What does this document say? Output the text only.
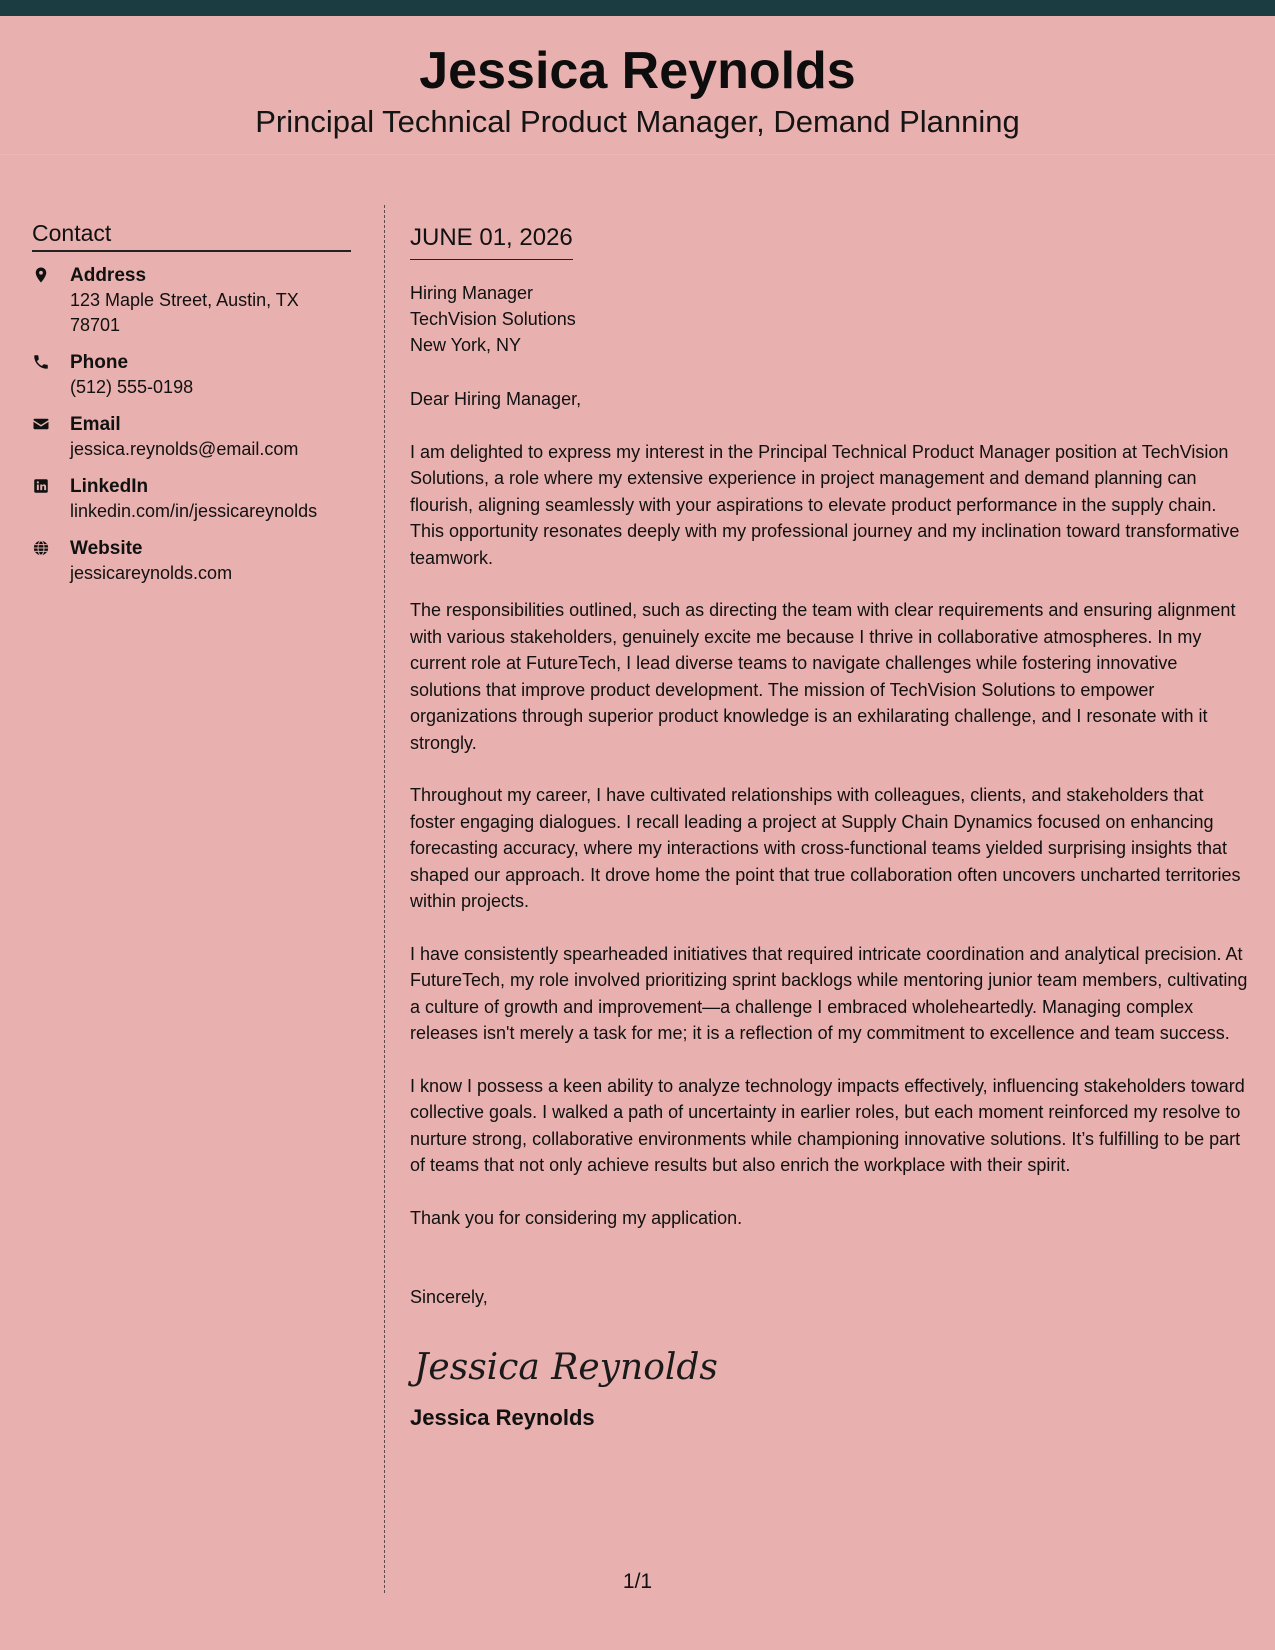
Jessica Reynolds
Principal Technical Product Manager, Demand Planning
Contact
Address
123 Maple Street, Austin, TX 78701
Phone
(512) 555-0198
Email
jessica.reynolds@email.com
LinkedIn
linkedin.com/in/jessicareynolds
Website
jessicareynolds.com
JUNE 01, 2026
Hiring Manager
TechVision Solutions
New York, NY
Dear Hiring Manager,

I am delighted to express my interest in the Principal Technical Product Manager position at TechVision Solutions, a role where my extensive experience in project management and demand planning can flourish, aligning seamlessly with your aspirations to elevate product performance in the supply chain. This opportunity resonates deeply with my professional journey and my inclination toward transformative teamwork.

The responsibilities outlined, such as directing the team with clear requirements and ensuring alignment with various stakeholders, genuinely excite me because I thrive in collaborative atmospheres. In my current role at FutureTech, I lead diverse teams to navigate challenges while fostering innovative solutions that improve product development. The mission of TechVision Solutions to empower organizations through superior product knowledge is an exhilarating challenge, and I resonate with it strongly.

Throughout my career, I have cultivated relationships with colleagues, clients, and stakeholders that foster engaging dialogues. I recall leading a project at Supply Chain Dynamics focused on enhancing forecasting accuracy, where my interactions with cross-functional teams yielded surprising insights that shaped our approach. It drove home the point that true collaboration often uncovers uncharted territories within projects.

I have consistently spearheaded initiatives that required intricate coordination and analytical precision. At FutureTech, my role involved prioritizing sprint backlogs while mentoring junior team members, cultivating a culture of growth and improvement—a challenge I embraced wholeheartedly. Managing complex releases isn't merely a task for me; it is a reflection of my commitment to excellence and team success.

I know I possess a keen ability to analyze technology impacts effectively, influencing stakeholders toward collective goals. I walked a path of uncertainty in earlier roles, but each moment reinforced my resolve to nurture strong, collaborative environments while championing innovative solutions. It’s fulfilling to be part of teams that not only achieve results but also enrich the workplace with their spirit.

Thank you for considering my application.
Sincerely,
Jessica Reynolds
Jessica Reynolds
1/1
